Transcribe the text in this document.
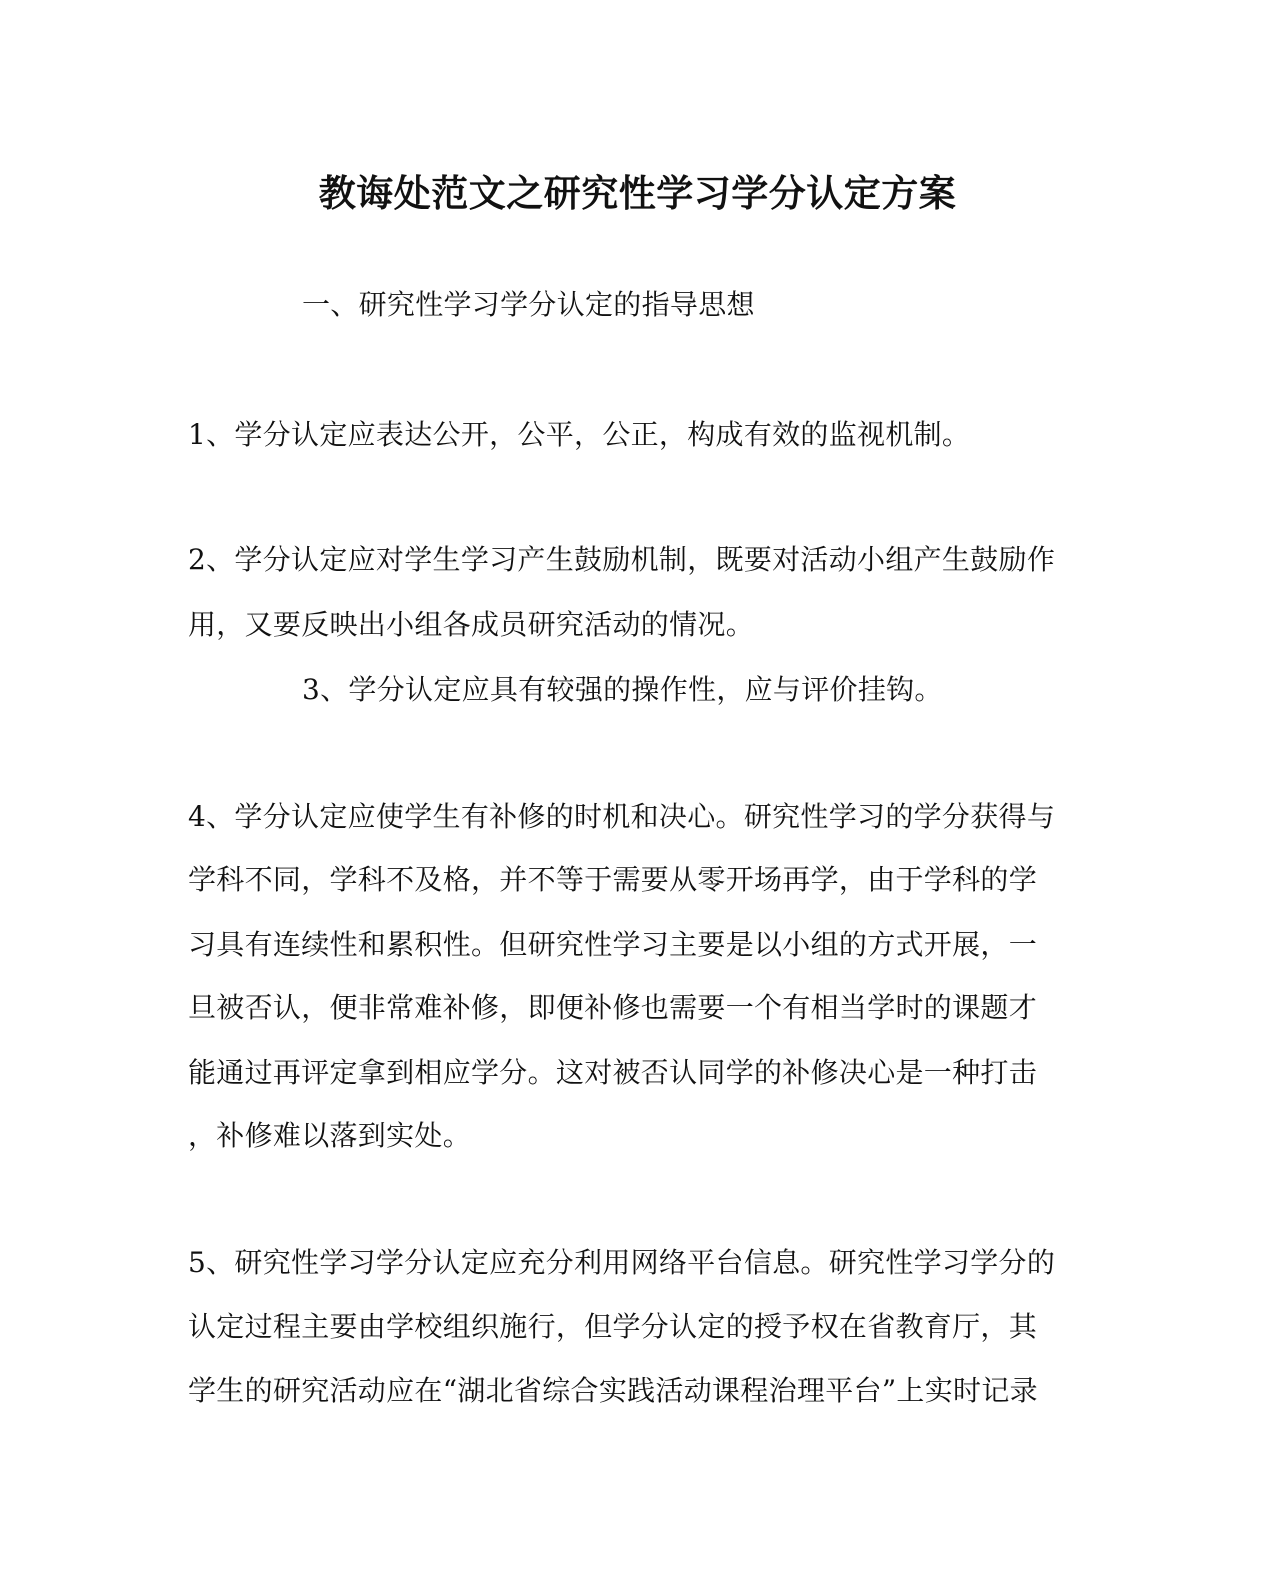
教诲处范文之研究性学习学分认定方案
一、研究性学习学分认定的指导思想
1、学分认定应表达公开，公平，公正，构成有效的监视机制。
2、学分认定应对学生学习产生鼓励机制，既要对活动小组产生鼓励作
用，又要反映出小组各成员研究活动的情况。
3、学分认定应具有较强的操作性，应与评价挂钩。
4、学分认定应使学生有补修的时机和决心。研究性学习的学分获得与
学科不同，学科不及格，并不等于需要从零开场再学，由于学科的学
习具有连续性和累积性。但研究性学习主要是以小组的方式开展，一
旦被否认，便非常难补修，即便补修也需要一个有相当学时的课题才
能通过再评定拿到相应学分。这对被否认同学的补修决心是一种打击
，补修难以落到实处。
5、研究性学习学分认定应充分利用网络平台信息。研究性学习学分的
认定过程主要由学校组织施行，但学分认定的授予权在省教育厅，其
学生的研究活动应在“湖北省综合实践活动课程治理平台”上实时记录
